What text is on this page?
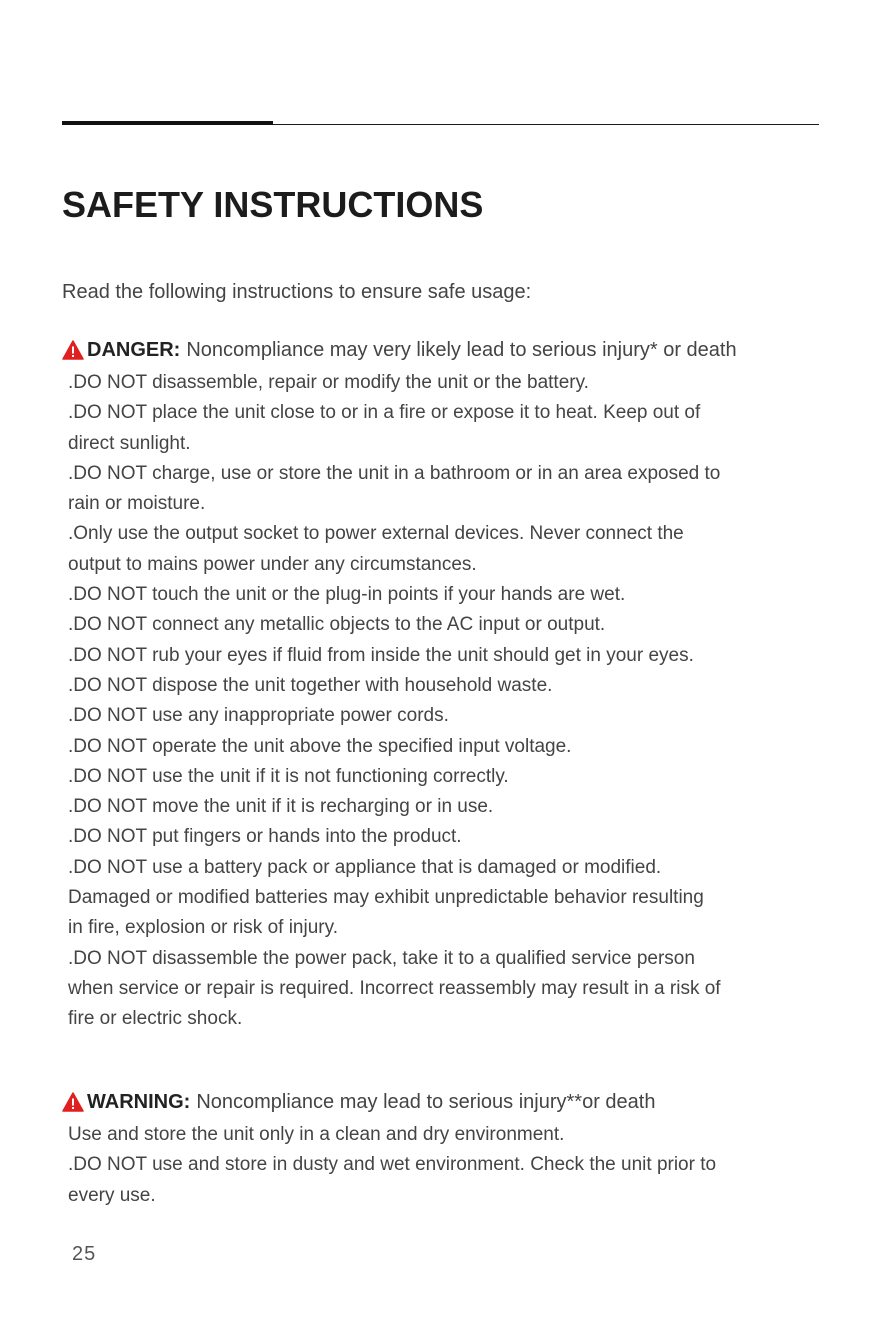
SAFETY INSTRUCTIONS

Read the following instructions to ensure safe usage:

DANGER: Noncompliance may very likely lead to serious injury* or death
.DO NOT disassemble, repair or modify the unit or the battery.
.DO NOT place the unit close to or in a fire or expose it to heat. Keep out of
direct sunlight.
.DO NOT charge, use or store the unit in a bathroom or in an area exposed to
rain or moisture.
.Only use the output socket to power external devices. Never connect the
output to mains power under any circumstances.
.DO NOT touch the unit or the plug-in points if your hands are wet.
.DO NOT connect any metallic objects to the AC input or output.
.DO NOT rub your eyes if fluid from inside the unit should get in your eyes.
.DO NOT dispose the unit together with household waste.
.DO NOT use any inappropriate power cords.
.DO NOT operate the unit above the specified input voltage.
.DO NOT use the unit if it is not functioning correctly.
.DO NOT move the unit if it is recharging or in use.
.DO NOT put fingers or hands into the product.
.DO NOT use a battery pack or appliance that is damaged or modified.
Damaged or modified batteries may exhibit unpredictable behavior resulting
in fire, explosion or risk of injury.
.DO NOT disassemble the power pack, take it to a qualified service person
when service or repair is required. Incorrect reassembly may result in a risk of
fire or electric shock.
WARNING: Noncompliance may lead to serious injury**or death
Use and store the unit only in a clean and dry environment.
.DO NOT use and store in dusty and wet environment. Check the unit prior to
every use.
25
